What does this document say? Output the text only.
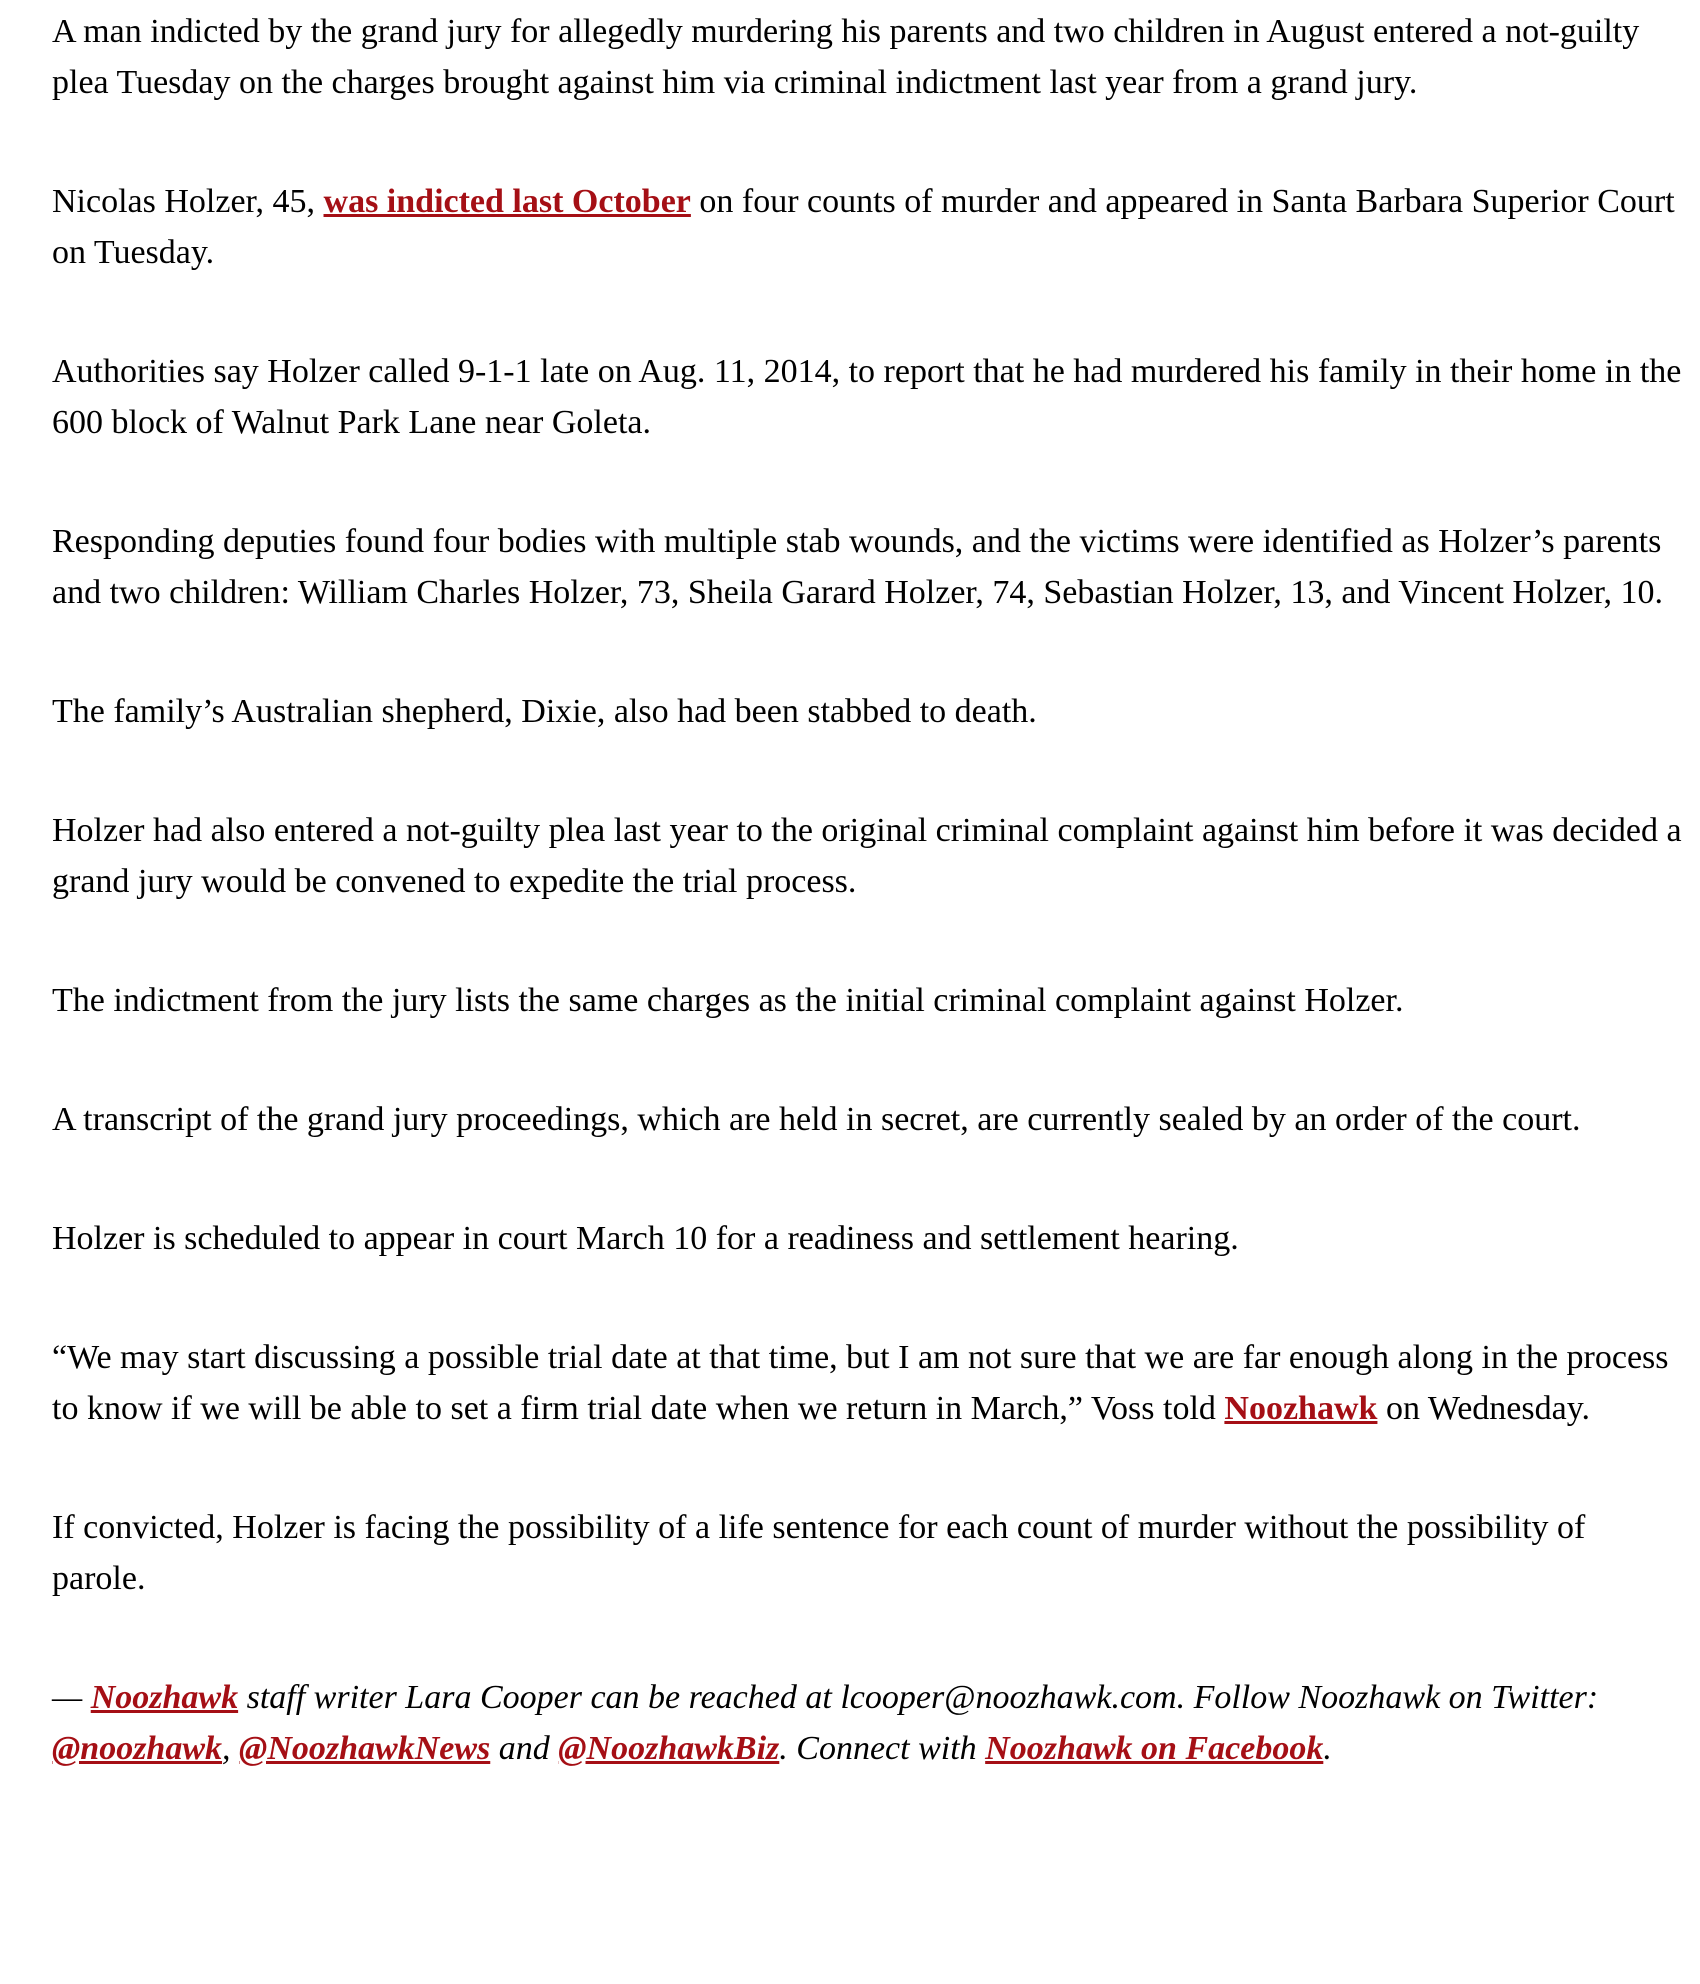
A man indicted by the grand jury for allegedly murdering his parents and two children in August entered a not-guilty plea Tuesday on the charges brought against him via criminal indictment last year from a grand jury.

Nicolas Holzer, 45, was indicted last October on four counts of murder and appeared in Santa Barbara Superior Court on Tuesday.

Authorities say Holzer called 9-1-1 late on Aug. 11, 2014, to report that he had murdered his family in their home in the 600 block of Walnut Park Lane near Goleta.

Responding deputies found four bodies with multiple stab wounds, and the victims were identified as Holzer’s parents and two children: William Charles Holzer, 73, Sheila Garard Holzer, 74, Sebastian Holzer, 13, and Vincent Holzer, 10.

The family’s Australian shepherd, Dixie, also had been stabbed to death.

Holzer had also entered a not-guilty plea last year to the original criminal complaint against him before it was decided a grand jury would be convened to expedite the trial process.

The indictment from the jury lists the same charges as the initial criminal complaint against Holzer.

A transcript of the grand jury proceedings, which are held in secret, are currently sealed by an order of the court.

Holzer is scheduled to appear in court March 10 for a readiness and settlement hearing.

“We may start discussing a possible trial date at that time, but I am not sure that we are far enough along in the process to know if we will be able to set a firm trial date when we return in March,” Voss told Noozhawk on Wednesday.

If convicted, Holzer is facing the possibility of a life sentence for each count of murder without the possibility of parole.

— Noozhawk staff writer Lara Cooper can be reached at lcooper@noozhawk.com. Follow Noozhawk on Twitter: @noozhawk, @NoozhawkNews and @NoozhawkBiz. Connect with Noozhawk on Facebook.
